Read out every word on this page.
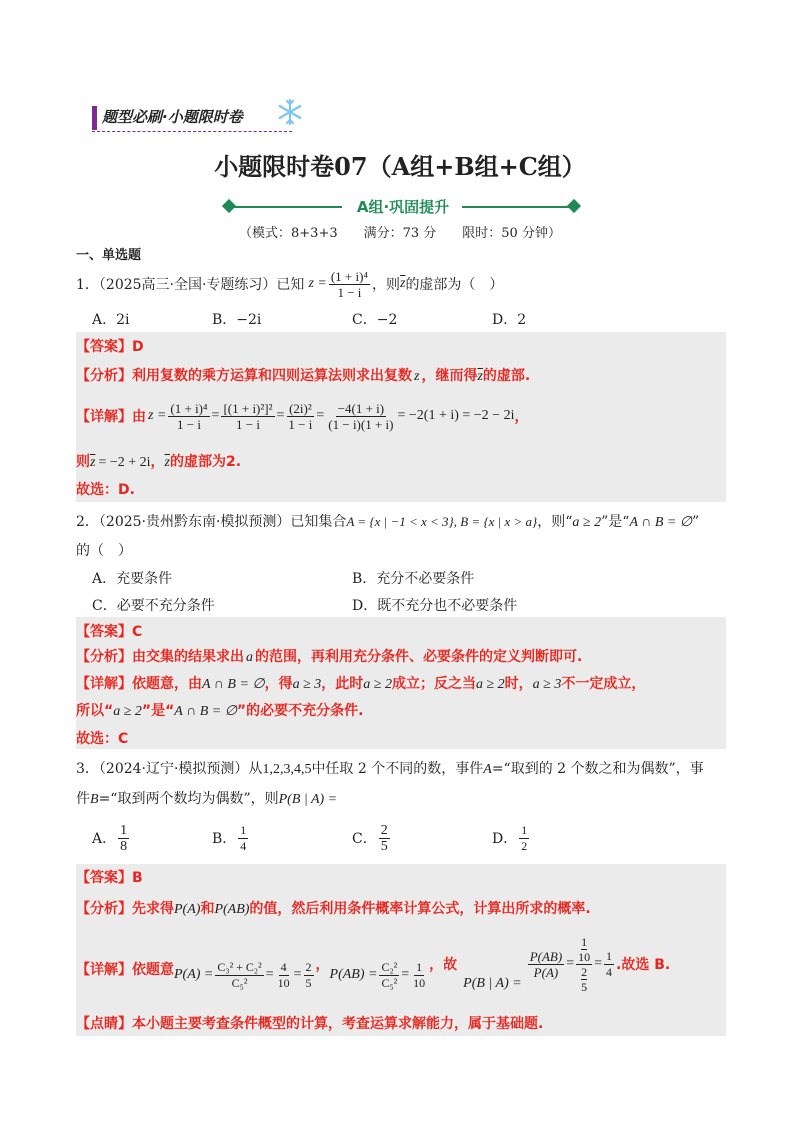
题型必刷·小题限时卷
小题限时卷07（A组+B组+C组）
A组·巩固提升
（模式：8+3+3　　满分：73 分　　限时：50 分钟）
一、单选题
1．（2025高三·全国·专题练习）已知 $z = \frac{\text{(1 + i)⁴}}{1 - i}$ ，则 $\overline{z}$ 的虚部为（　）
A．2i	B．−2i	C．−2	D．2
【答案】D
【分析】利用复数的乘方运算和四则运算法则求出复数 z ，继而得$\overline{z}$的虚部.
【详解】由 $z = \frac{\text{(1 + i)⁴}}{1 - i} = \frac{\text{[(1 + i)²]²}}{1 - i} = \frac{\text{(2i)²}}{1 - i} = \frac{-4(1 + i)}{(1 - i)(1 + i)} = -2(1 + i) = -2 - 2i$ ，
则$\overline{z} = -2 + 2i$，$\overline{z}$的虚部为2.
故选：D.
2．（2025·贵州黔东南·模拟预测）已知集合A = {x | −1 < x < 3}, B = {x | x > a}，则“a ≥ 2”是“A ∩ B = ∅”
的（　）
A．充要条件	B．充分不必要条件
C．必要不充分条件	D．既不充分也不必要条件
【答案】C
【分析】由交集的结果求出 a 的范围，再利用充分条件、必要条件的定义判断即可.
【详解】依题意，由A ∩ B = ∅，得a ≥ 3，此时a ≥ 2成立；反之当a ≥ 2时，a ≥ 3不一定成立，
所以“a ≥ 2”是“A ∩ B = ∅”的必要不充分条件.
故选：C
3．（2024·辽宁·模拟预测）从1,2,3,4,5中任取 2 个不同的数，事件A=“取到的 2 个数之和为偶数”，事
件B=“取到两个数均为偶数”，则P(B | A) =
A． $\frac{1}{8}$	B． $\frac{1}{4}$	C． $\frac{2}{5}$	D． $\frac{1}{2}$
【答案】B
【分析】先求得P(A)和P(AB)的值，然后利用条件概率计算公式，计算出所求的概率.
【详解】依题意 $P(A) = \frac{\text{C₃² + C₂²}}{\text{C₅²}} = \frac{4}{10} = \frac{2}{5}$ ，
$P(AB) = \frac{\text{C₂²}}{\text{C₅²}} = \frac{1}{10}$ ，故
P(B | A) =
$\frac{P(AB)}{P(A)} = \frac{\frac{1}{10}}{\frac{2}{5}} = \frac{1}{4}$ .故选 B.
【点睛】本小题主要考查条件概型的计算，考查运算求解能力，属于基础题.
